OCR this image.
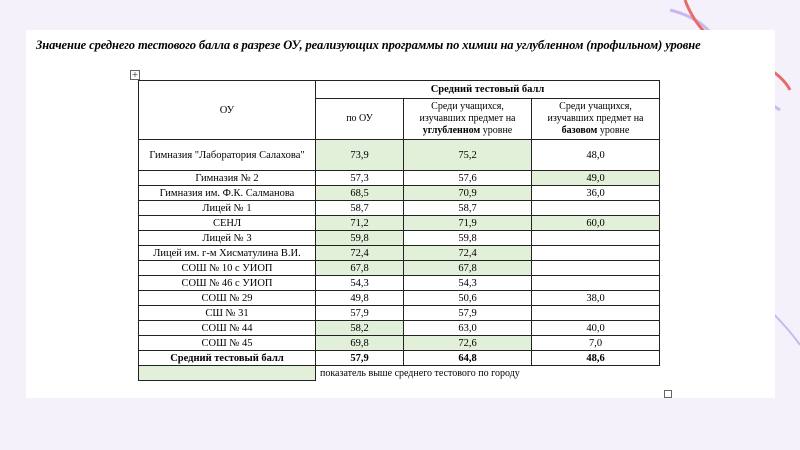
Значение среднего тестового балла в разрезе ОУ, реализующих программы по химии на углубленном (профильном) уровне
+
ОУ	Средний тестовый балл		
	по ОУ	Среди учащихся, изучавших предмет на углубленном уровне	Среди учащихся, изучавших предмет на базовом уровне
Гимназия "Лаборатория Салахова"	73,9	75,2	48,0
Гимназия № 2	57,3	57,6	49,0
Гимназия им. Ф.К. Салманова	68,5	70,9	36,0
Лицей № 1	58,7	58,7	
СЕНЛ	71,2	71,9	60,0
Лицей № 3	59,8	59,8	
Лицей им. г-м Хисматулина В.И.	72,4	72,4	
СОШ № 10 с УИОП	67,8	67,8	
СОШ № 46 с УИОП	54,3	54,3	
СОШ № 29	49,8	50,6	38,0
СШ № 31	57,9	57,9	
СОШ № 44	58,2	63,0	40,0
СОШ № 45	69,8	72,6	7,0
Средний тестовый балл	57,9	64,8	48,6
	показатель выше среднего тестового по городу		
